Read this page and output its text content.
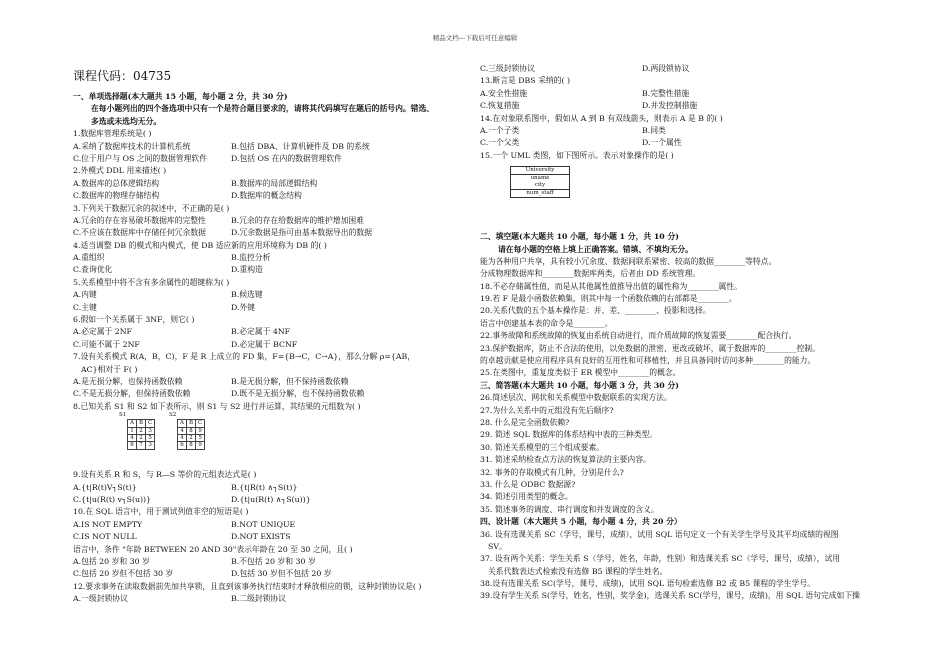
精品文档---下载后可任意编辑
课程代码：04735
一、单项选择题(本大题共 15 小题，每小题 2 分，共 30 分)
在每小题列出的四个备选项中只有一个是符合题目要求的，请将其代码填写在题后的括号内。错选、
多选或未选均无分。
1.数据库管理系统是( )
A.采纳了数据库技术的计算机系统	B.包括 DBA、计算机硬件及 DB 的系统
C.位于用户与 OS 之间的数据管理软件	D.包括 OS 在内的数据管理软件
2.外模式 DDL 用来描述( )
A.数据库的总体逻辑结构	B.数据库的局部逻辑结构
C.数据库的物理存储结构	D.数据库的概念结构
3.下列关于数据冗余的叙述中，不正确的是( )
A.冗余的存在容易破坏数据库的完整性	B.冗余的存在给数据库的维护增加困难
C.不应该在数据库中存储任何冗余数据	D.冗余数据是指可由基本数据导出的数据
4.适当调整 DB 的模式和内模式，使 DB 适应新的应用环境称为 DB 的( )
A.重组织	B.监控分析
C.查询优化	D.重构造
5.关系模型中将不含有多余属性的超键称为( )
A.内键	B.候选键
C.主键	D.外键
6.假如一个关系属于 3NF，则它( )
A.必定属于 2NF	B.必定属于 4NF
C.可能不属于 2NF	D.必定属于 BCNF
7.设有关系模式 R(A，B，C)，F 是 R 上成立的 FD 集，F={B→C，C→A}，那么分解 ρ={AB，
AC}相对于 F( )
A.是无损分解，也保持函数依赖	B.是无损分解，但不保持函数依赖
C.不是无损分解，但保持函数依赖	D.既不是无损分解，也不保持函数依赖
8.已知关系 S1 和 S2 如下表所示，则 S1 与 S2 进行并运算，其结果的元组数为( )
S1
A	B	C
1	2	3
4	2	5
6	7	3
S2
A	B	C
4	8	9
4	2	5
6	8	9
9.设有关系 R 和 S，与 R—S 等价的元组表达式是( )
A.{t|R(t)V┐S(t)}	B.{t|R(t) ∧┐S(t)}
C.{t|u(R(t) v┐S(u))}	D.{t|u(R(t) ∧┐S(u))}
10.在 SQL 语言中，用于测试列值非空的短语是( )
A.IS NOT EMPTY	B.NOT UNIQUE
C.IS NOT NULL	D.NOT EXISTS
语言中，条件 "年龄 BETWEEN 20 AND 30"表示年龄在 20 至 30 之间，且( )
A.包括 20 岁和 30 岁	B.不包括 20 岁和 30 岁
C.包括 20 岁但不包括 30 岁	D.包括 30 岁但不包括 20 岁
12.要求事务在读取数据前先加共享锁，且直到该事务执行结束时才释放相应的锁，这种封锁协议是( )
A.一级封锁协议	B.二级封锁协议
C.三级封锁协议	D.两段锁协议
13.断言是 DBS 采纳的( )
A.安全性措施	B.完整性措施
C.恢复措施	D.并发控制措施
14.在对象联系图中，假如从 A 到 B 有双线箭头，则表示 A 是 B 的( )
A.一个子类	B.同类
C.一个父类	D.一个属性
15.一个 UML 类图，如下图所示。表示对象操作的是( )
University
uname
city
num_staff
二、填空题(本大题共 10 小题，每小题 1 分，共 10 分)
请在每小题的空格上填上正确答案。错填、不填均无分。
能为各种用户共享，具有较小冗余度、数据间联系紧密、较高的数据________等特点。
分成物理数据库和________数据库两类，后者由 DD 系统管理。
18.不必存储属性值，而是从其他属性值推导出值的属性称为________属性。
19.若 F 是最小函数依赖集，则其中每一个函数依赖的右部都是________。
20.关系代数的五个基本操作是：并、差、________、投影和选择。
语言中创建基本表的命令是________。
22.事务故障和系统故障的恢复由系统自动进行，而介质故障的恢复需要________配合执行。
23.保护数据库，防止不合法的使用，以免数据的泄密、更改或破坏，属于数据库的________控制。
的卓越贡献是使应用程序具有良好的互用性和可移植性，并且具备同时访问多种________的能力。
25.在类图中，重复度类似于 ER 模型中________的概念。
三、简答题(本大题共 10 小题，每小题 3 分，共 30 分)
26.简述层次、网状和关系模型中数据联系的实现方法。
27.为什么关系中的元组没有先后顺序?
28. 什么是完全函数依赖?
29. 简述 SQL 数据库的体系结构中表的三种类型。
30. 简述关系模型的三个组成要素。
31. 简述采纳检查点方法的恢复算法的主要内容。
32. 事务的存取模式有几种，分别是什么?
33. 什么是 ODBC 数据源?
34. 简述引用类型的概念。
35. 简述事务的调度、串行调度和并发调度的含义。
四、设计题（本大题共 5 小题，每小题 4 分，共 20 分）
36. 设有选课关系 SC（学号，课号，成绩），试用 SQL 语句定义一个有关学生学号及其平均成绩的视图
SV。
37. 设有两个关系：学生关系 S（学号，姓名，年龄，性别）和选课关系 SC（学号，课号，成绩），试用
关系代数表达式检索没有选修 B5 课程的学生姓名。
38.设有选课关系 SC(学号，课号，成绩)，试用 SQL 语句检索选修 B2 或 B5 课程的学生学号。
39.设有学生关系 S(学号，姓名，性别，奖学金)，选课关系 SC(学号，课号，成绩)，用 SQL 语句完成如下操
